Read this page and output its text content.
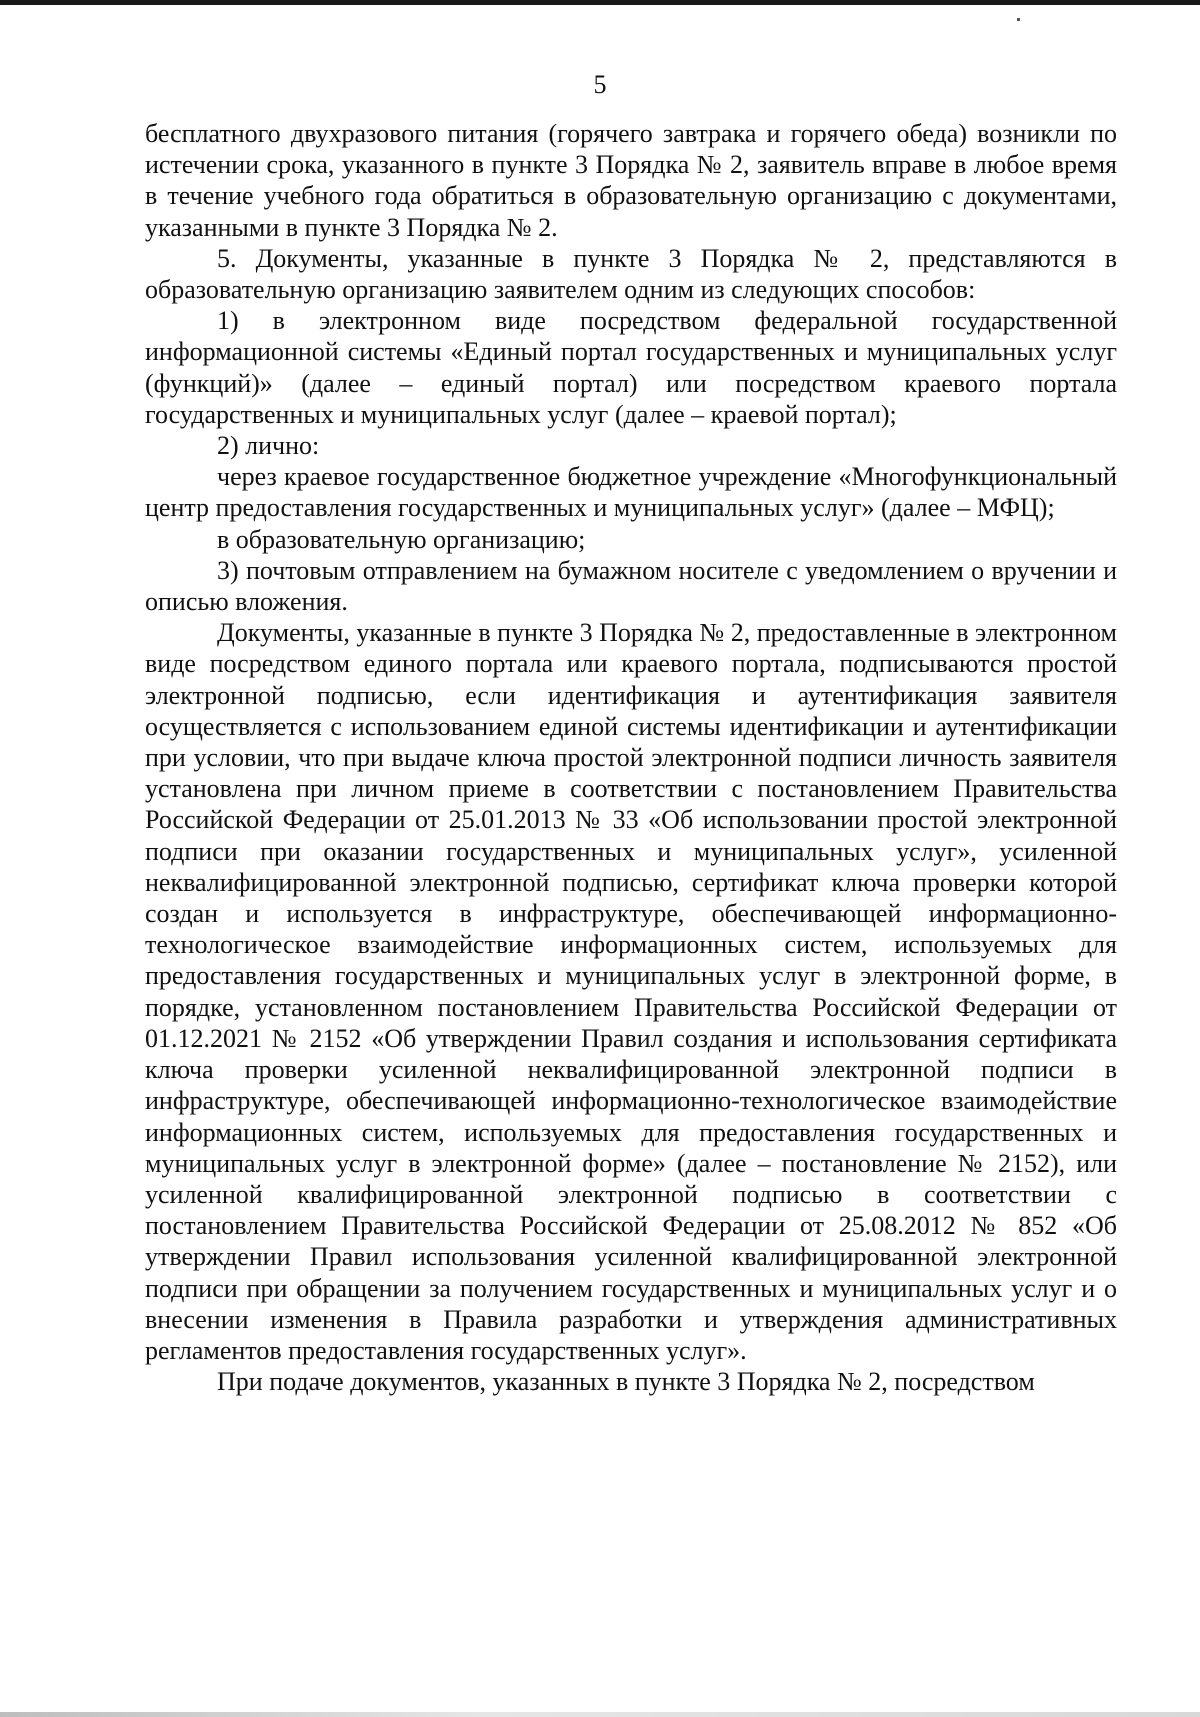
5

бесплатного двухразового питания (горячего завтрака и горячего обеда) возникли по истечении срока, указанного в пункте 3 Порядка № 2, заявитель вправе в любое время в течение учебного года обратиться в образовательную организацию с документами, указанными в пункте 3 Порядка № 2.

5. Документы, указанные в пункте 3 Порядка № 2, представляются в образовательную организацию заявителем одним из следующих способов:

1) в электронном виде посредством федеральной государственной информационной системы «Единый портал государственных и муниципальных услуг (функций)» (далее – единый портал) или посредством краевого портала государственных и муниципальных услуг (далее – краевой портал);

2) лично:

через краевое государственное бюджетное учреждение «Многофункциональный центр предоставления государственных и муниципальных услуг» (далее – МФЦ);

в образовательную организацию;

3) почтовым отправлением на бумажном носителе с уведомлением о вручении и описью вложения.

Документы, указанные в пункте 3 Порядка № 2, предоставленные в электронном виде посредством единого портала или краевого портала, подписываются простой электронной подписью, если идентификация и аутентификация заявителя осуществляется с использованием единой системы идентификации и аутентификации при условии, что при выдаче ключа простой электронной подписи личность заявителя установлена при личном приеме в соответствии с постановлением Правительства Российской Федерации от 25.01.2013 № 33 «Об использовании простой электронной подписи при оказании государственных и муниципальных услуг», усиленной неквалифицированной электронной подписью, сертификат ключа проверки которой создан и используется в инфраструктуре, обеспечивающей информационно-технологическое взаимодействие информационных систем, используемых для предоставления государственных и муниципальных услуг в электронной форме, в порядке, установленном постановлением Правительства Российской Федерации от 01.12.2021 № 2152 «Об утверждении Правил создания и использования сертификата ключа проверки усиленной неквалифицированной электронной подписи в инфраструктуре, обеспечивающей информационно-технологическое взаимодействие информационных систем, используемых для предоставления государственных и муниципальных услуг в электронной форме» (далее – постановление № 2152), или усиленной квалифицированной электронной подписью в соответствии с постановлением Правительства Российской Федерации от 25.08.2012 № 852 «Об утверждении Правил использования усиленной квалифицированной электронной подписи при обращении за получением государственных и муниципальных услуг и о внесении изменения в Правила разработки и утверждения административных регламентов предоставления государственных услуг».

При подаче документов, указанных в пункте 3 Порядка № 2, посредством
